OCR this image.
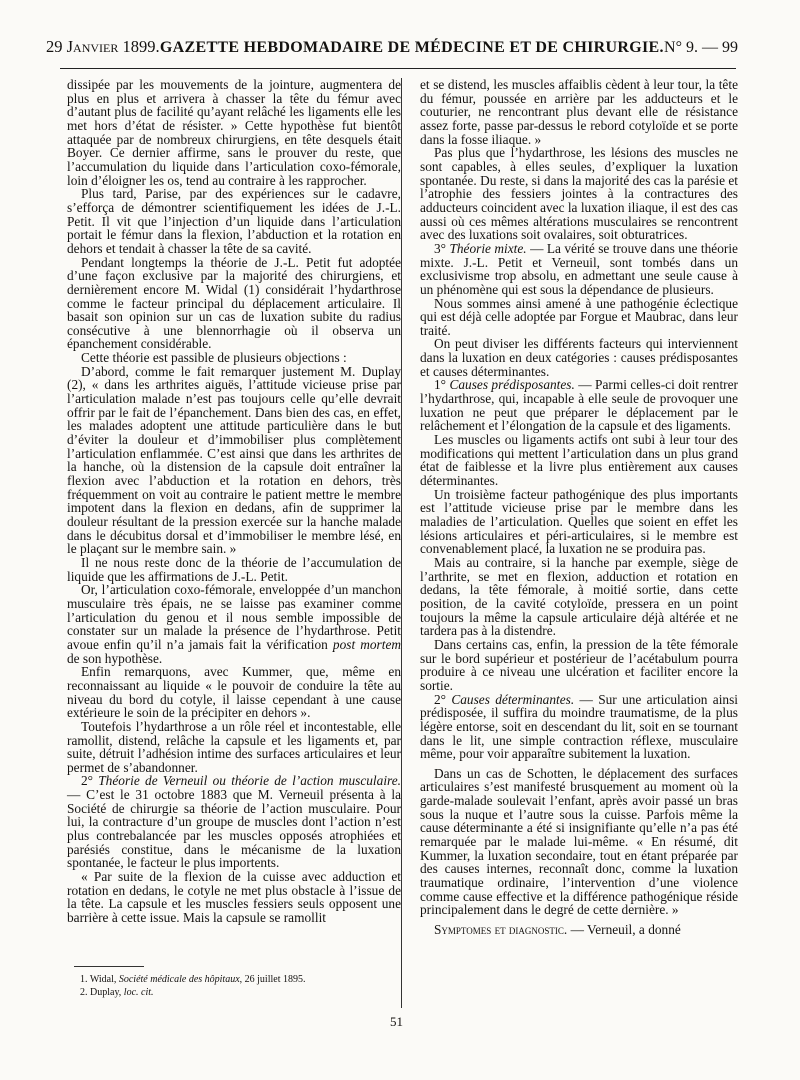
29 Janvier 1899. GAZETTE HEBDOMADAIRE DE MÉDECINE ET DE CHIRURGIE. N° 9. — 99

dissipée par les mouvements de la jointure, augmentera de plus en plus et arrivera à chasser la tête du fémur avec d’autant plus de facilité qu’ayant relâché les ligaments elle les met hors d’état de résister. » Cette hypothèse fut bientôt attaquée par de nombreux chirurgiens, en tête desquels était Boyer. Ce dernier affirme, sans le prouver du reste, que l’accumulation du liquide dans l’articulation coxo-fémorale, loin d’éloigner les os, tend au contraire à les rapprocher.

Plus tard, Parise, par des expériences sur le cadavre, s’efforça de démontrer scientifiquement les idées de J.-L. Petit. Il vit que l’injection d’un liquide dans l’articulation portait le fémur dans la flexion, l’abduction et la rotation en dehors et tendait à chasser la tête de sa cavité.

Pendant longtemps la théorie de J.-L. Petit fut adoptée d’une façon exclusive par la majorité des chirurgiens, et dernièrement encore M. Widal (1) considérait l’hydarthrose comme le facteur principal du déplacement articulaire. Il basait son opinion sur un cas de luxation subite du radius consécutive à une blennorrhagie où il observa un épanchement considérable.

Cette théorie est passible de plusieurs objections :

D’abord, comme le fait remarquer justement M. Duplay (2), « dans les arthrites aiguës, l’attitude vicieuse prise par l’articulation malade n’est pas toujours celle qu’elle devrait offrir par le fait de l’épanchement. Dans bien des cas, en effet, les malades adoptent une attitude particulière dans le but d’éviter la douleur et d’immobiliser plus complètement l’articulation enflammée. C’est ainsi que dans les arthrites de la hanche, où la distension de la capsule doit entraîner la flexion avec l’abduction et la rotation en dehors, très fréquemment on voit au contraire le patient mettre le membre impotent dans la flexion en dedans, afin de supprimer la douleur résultant de la pression exercée sur la hanche malade dans le décubitus dorsal et d’immobiliser le membre lésé, en le plaçant sur le membre sain. »

Il ne nous reste donc de la théorie de l’accumulation de liquide que les affirmations de J.-L. Petit.

Or, l’articulation coxo-fémorale, enveloppée d’un manchon musculaire très épais, ne se laisse pas examiner comme l’articulation du genou et il nous semble impossible de constater sur un malade la présence de l’hydarthrose. Petit avoue enfin qu’il n’a jamais fait la vérification post mortem de son hypothèse.

Enfin remarquons, avec Kummer, que, même en reconnaissant au liquide « le pouvoir de conduire la tête au niveau du bord du cotyle, il laisse cependant à une cause extérieure le soin de la précipiter en dehors ».

Toutefois l’hydarthrose a un rôle réel et incontestable, elle ramollit, distend, relâche la capsule et les ligaments et, par suite, détruit l’adhésion intime des surfaces articulaires et leur permet de s’abandonner.

2° Théorie de Verneuil ou théorie de l’action musculaire. — C’est le 31 octobre 1883 que M. Verneuil présenta à la Société de chirurgie sa théorie de l’action musculaire. Pour lui, la contracture d’un groupe de muscles dont l’action n’est plus contrebalancée par les muscles opposés atrophiées et parésiés constitue, dans le mécanisme de la luxation spontanée, le facteur le plus importents.

« Par suite de la flexion de la cuisse avec adduction et rotation en dedans, le cotyle ne met plus obstacle à l’issue de la tête. La capsule et les muscles fessiers seuls opposent une barrière à cette issue. Mais la capsule se ramollit

et se distend, les muscles affaiblis cèdent à leur tour, la tête du fémur, poussée en arrière par les adducteurs et le couturier, ne rencontrant plus devant elle de résistance assez forte, passe par-dessus le rebord cotyloïde et se porte dans la fosse iliaque. »

Pas plus que l’hydarthrose, les lésions des muscles ne sont capables, à elles seules, d’expliquer la luxation spontanée. Du reste, si dans la majorité des cas la parésie et l’atrophie des fessiers jointes à la contractures des adducteurs coincident avec la luxation iliaque, il est des cas aussi où ces mêmes altérations musculaires se rencontrent avec des luxations soit ovalaires, soit obturatrices.

3° Théorie mixte. — La vérité se trouve dans une théorie mixte. J.-L. Petit et Verneuil, sont tombés dans un exclusivisme trop absolu, en admettant une seule cause à un phénomène qui est sous la dépendance de plusieurs.

Nous sommes ainsi amené à une pathogénie éclectique qui est déjà celle adoptée par Forgue et Maubrac, dans leur traité.

On peut diviser les différents facteurs qui interviennent dans la luxation en deux catégories : causes prédisposantes et causes déterminantes.

1° Causes prédisposantes. — Parmi celles-ci doit rentrer l’hydarthrose, qui, incapable à elle seule de provoquer une luxation ne peut que préparer le déplacement par le relâchement et l’élongation de la capsule et des ligaments.

Les muscles ou ligaments actifs ont subi à leur tour des modifications qui mettent l’articulation dans un plus grand état de faiblesse et la livre plus entièrement aux causes déterminantes.

Un troisième facteur pathogénique des plus importants est l’attitude vicieuse prise par le membre dans les maladies de l’articulation. Quelles que soient en effet les lésions articulaires et péri-articulaires, si le membre est convenablement placé, la luxation ne se produira pas.

Mais au contraire, si la hanche par exemple, siège de l’arthrite, se met en flexion, adduction et rotation en dedans, la tête fémorale, à moitié sortie, dans cette position, de la cavité cotyloïde, pressera en un point toujours la même la capsule articulaire déjà altérée et ne tardera pas à la distendre.

Dans certains cas, enfin, la pression de la tête fémorale sur le bord supérieur et postérieur de l’acétabulum pourra produire à ce niveau une ulcération et faciliter encore la sortie.

2° Causes déterminantes. — Sur une articulation ainsi prédisposée, il suffira du moindre traumatisme, de la plus légère entorse, soit en descendant du lit, soit en se tournant dans le lit, une simple contraction réflexe, musculaire même, pour voir apparaître subitement la luxation.

Dans un cas de Schotten, le déplacement des surfaces articulaires s’est manifesté brusquement au moment où la garde-malade soulevait l’enfant, après avoir passé un bras sous la nuque et l’autre sous la cuisse. Parfois même la cause déterminante a été si insignifiante qu’elle n’a pas été remarquée par le malade lui-même. « En résumé, dit Kummer, la luxation secondaire, tout en étant préparée par des causes internes, reconnaît donc, comme la luxation traumatique ordinaire, l’intervention d’une violence comme cause effective et la différence pathogénique réside principalement dans le degré de cette dernière. »

Symptomes et diagnostic. — Verneuil, a donné

1. Widal, Société médicale des hôpitaux, 26 juillet 1895.
2. Duplay, loc. cit.
51
